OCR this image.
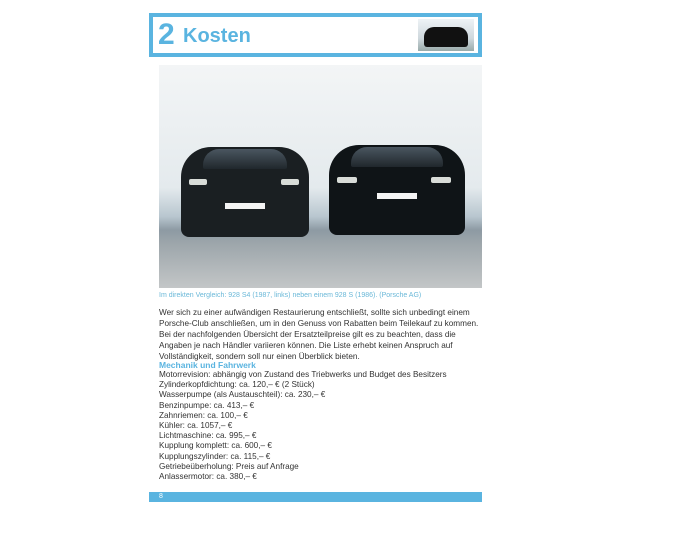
2 Kosten
Im direkten Vergleich: 928 S4 (1987, links) neben einem 928 S (1986). (Porsche AG)
Wer sich zu einer aufwändigen Restaurierung entschließt, sollte sich unbedingt einem Porsche-Club anschließen, um in den Genuss von Rabatten beim Teilekauf zu kommen. Bei der nachfolgenden Übersicht der Ersatzteilpreise gilt es zu beachten, dass die Angaben je nach Händler variieren können. Die Liste erhebt keinen Anspruch auf Vollständigkeit, sondern soll nur einen Überblick bieten.
Mechanik und Fahrwerk
Motorrevision: abhängig von Zustand des Triebwerks und Budget des Besitzers
Zylinderkopfdichtung: ca. 120,– € (2 Stück)
Wasserpumpe (als Austauschteil): ca. 230,– €
Benzinpumpe: ca. 413,– €
Zahnriemen: ca. 100,– €
Kühler: ca. 1057,– €
Lichtmaschine: ca. 995,– €
Kupplung komplett: ca. 600,– €
Kupplungszylinder: ca. 115,– €
Getriebeüberholung: Preis auf Anfrage
Anlassermotor: ca. 380,– €
8
